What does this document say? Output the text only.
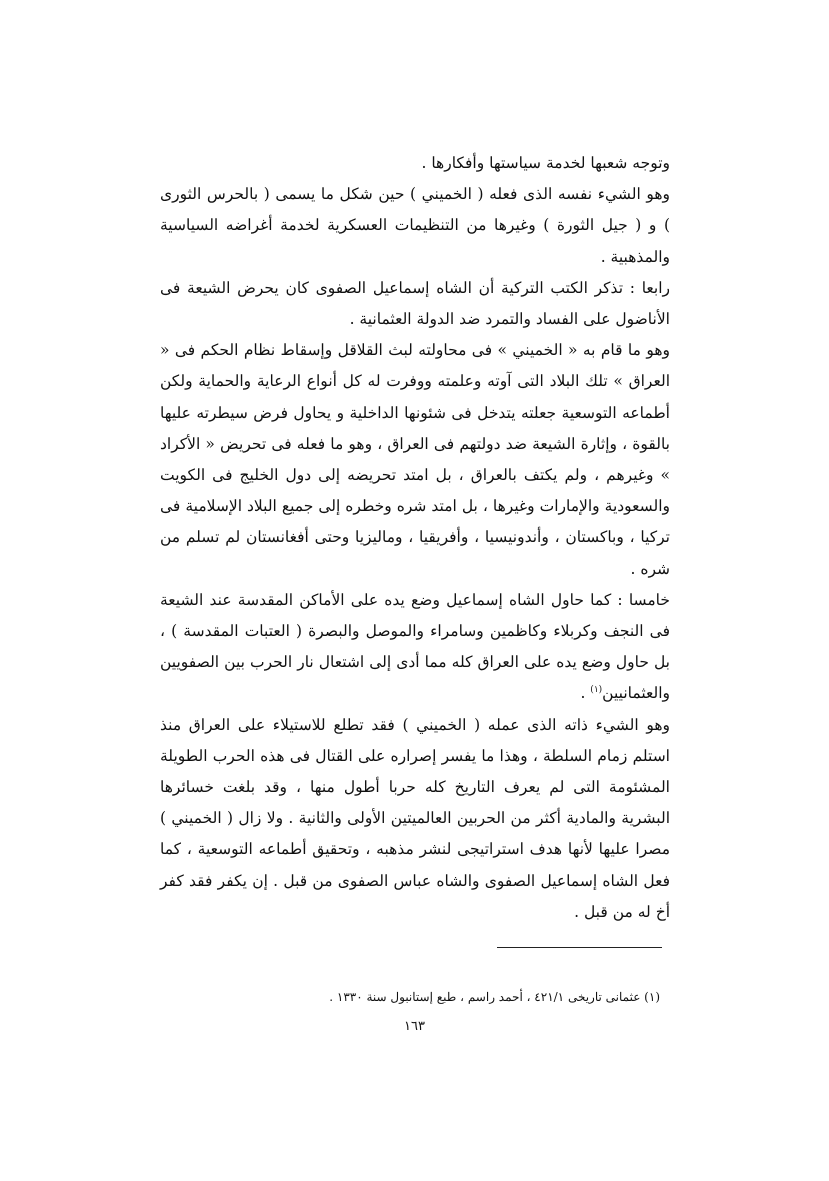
وتوجه شعبها لخدمة سياستها وأفكارها .

وهو الشيء نفسه الذى فعله ( الخميني ) حين شكل ما يسمى ( بالحرس الثورى ) و ( جيل الثورة ) وغيرها من التنظيمات العسكرية لخدمة أغراضه السياسية والمذهبية .

رابعا : تذكر الكتب التركية أن الشاه إسماعيل الصفوى كان يحرض الشيعة فى الأناضول على الفساد والتمرد ضد الدولة العثمانية .

وهو ما قام به « الخميني » فى محاولته لبث القلاقل وإسقاط نظام الحكم فى « العراق » تلك البلاد التى آوته وعلمته ووفرت له كل أنواع الرعاية والحماية ولكن أطماعه التوسعية جعلته يتدخل فى شئونها الداخلية و يحاول فرض سيطرته عليها بالقوة ، وإثارة الشيعة ضد دولتهم فى العراق ، وهو ما فعله فى تحريض « الأكراد » وغيرهم ، ولم يكتف بالعراق ، بل امتد تحريضه إلى دول الخليج فى الكويت والسعودية والإمارات وغيرها ، بل امتد شره وخطره إلى جميع البلاد الإسلامية فى تركيا ، وباكستان ، وأندونيسيا ، وأفريقيا ، وماليزيا وحتى أفغانستان لم تسلم من شره .

خامسا : كما حاول الشاه إسماعيل وضع يده على الأماكن المقدسة عند الشيعة فى النجف وكربلاء وكاظمين وسامراء والموصل والبصرة ( العتبات المقدسة ) ، بل حاول وضع يده على العراق كله مما أدى إلى اشتعال نار الحرب بين الصفويين والعثمانيين$^{(١)}$ .

وهو الشيء ذاته الذى عمله ( الخميني ) فقد تطلع للاستيلاء على العراق منذ استلم زمام السلطة ، وهذا ما يفسر إصراره على القتال فى هذه الحرب الطويلة المشئومة التى لم يعرف التاريخ كله حربا أطول منها ، وقد بلغت خسائرها البشرية والمادية أكثر من الحربين العالميتين الأولى والثانية . ولا زال ( الخميني ) مصرا عليها لأنها هدف استراتيجى لنشر مذهبه ، وتحقيق أطماعه التوسعية ، كما فعل الشاه إسماعيل الصفوى والشاه عباس الصفوى من قبل . إن يكفر فقد كفر أخ له من قبل .

(١) عثمانى تاريخى ٤٢١/١ ، أحمد راسم ، طبع إستانبول سنة ١٣٣٠ .
١٦٣
